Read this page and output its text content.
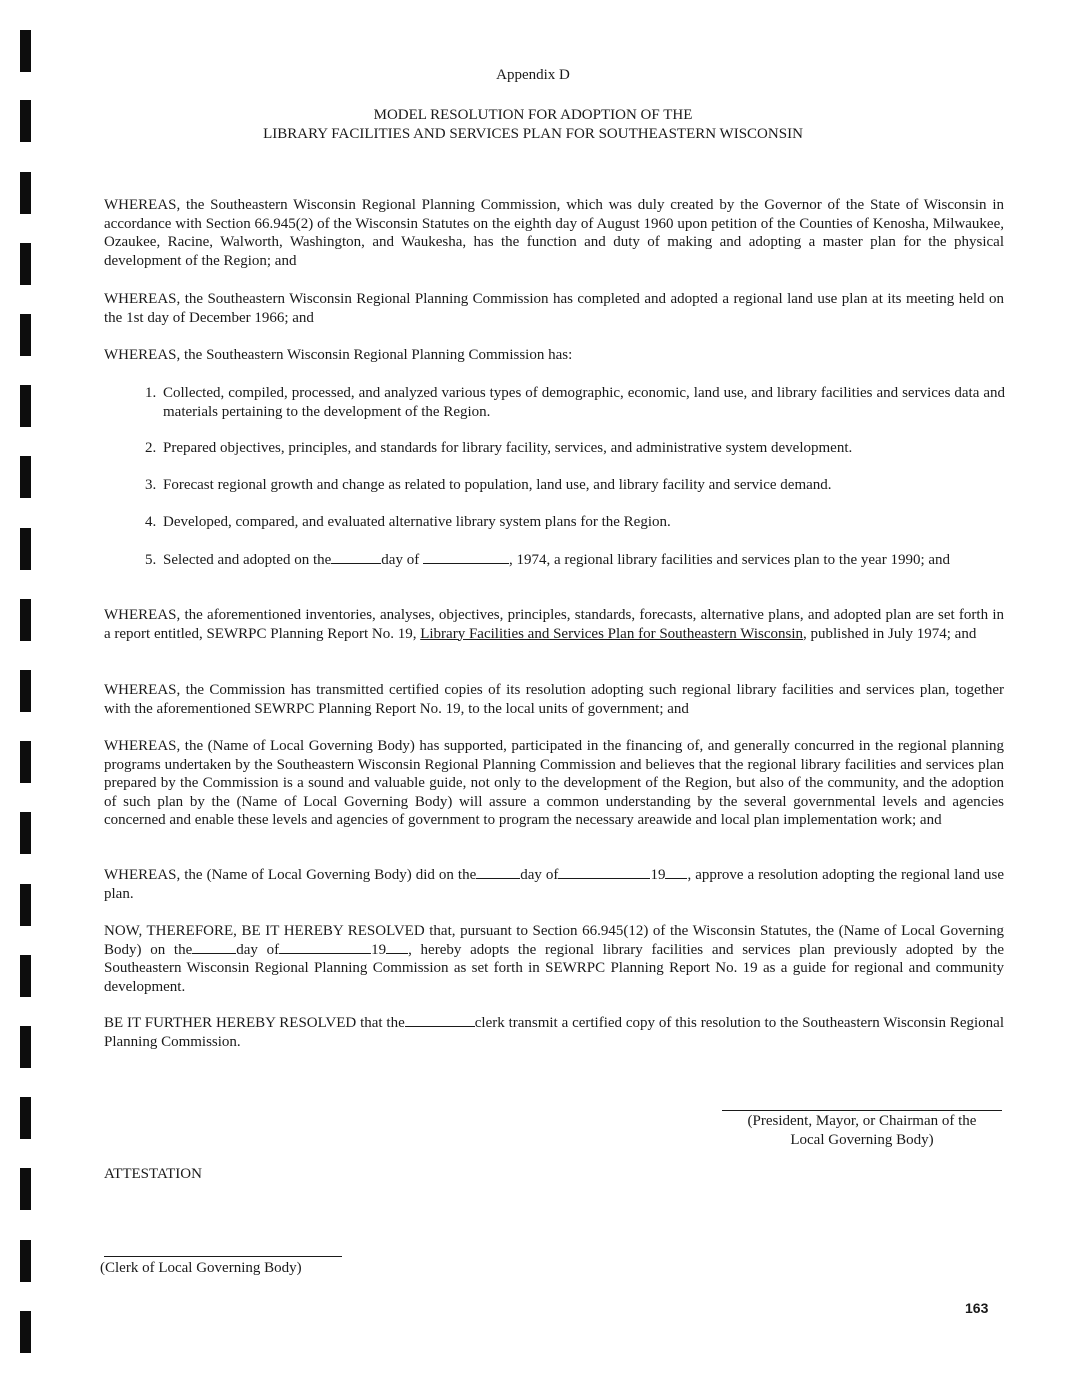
Appendix D
MODEL RESOLUTION FOR ADOPTION OF THE
LIBRARY FACILITIES AND SERVICES PLAN FOR SOUTHEASTERN WISCONSIN

WHEREAS, the Southeastern Wisconsin Regional Planning Commission, which was duly created by the Governor of the State of Wisconsin in accordance with Section 66.945(2) of the Wisconsin Statutes on the eighth day of August 1960 upon petition of the Counties of Kenosha, Milwaukee, Ozaukee, Racine, Walworth, Washington, and Waukesha, has the function and duty of making and adopting a master plan for the physical development of the Region; and

WHEREAS, the Southeastern Wisconsin Regional Planning Commission has completed and adopted a regional land use plan at its meeting held on the 1st day of December 1966; and

WHEREAS, the Southeastern Wisconsin Regional Planning Commission has:

1. Collected, compiled, processed, and analyzed various types of demographic, economic, land use, and library facilities and services data and materials pertaining to the development of the Region.
2. Prepared objectives, principles, and standards for library facility, services, and administrative system development.
3. Forecast regional growth and change as related to population, land use, and library facility and service demand.
4. Developed, compared, and evaluated alternative library system plans for the Region.
5. Selected and adopted on the	day of	, 1974, a regional library facilities and services plan to the year 1990; and

WHEREAS, the aforementioned inventories, analyses, objectives, principles, standards, forecasts, alternative plans, and adopted plan are set forth in a report entitled, SEWRPC Planning Report No. 19, Library Facilities and Services Plan for Southeastern Wisconsin, published in July 1974; and

WHEREAS, the Commission has transmitted certified copies of its resolution adopting such regional library facilities and services plan, together with the aforementioned SEWRPC Planning Report No. 19, to the local units of government; and

WHEREAS, the (Name of Local Governing Body) has supported, participated in the financing of, and generally concurred in the regional planning programs undertaken by the Southeastern Wisconsin Regional Planning Commission and believes that the regional library facilities and services plan prepared by the Commission is a sound and valuable guide, not only to the development of the Region, but also of the community, and the adoption of such plan by the (Name of Local Governing Body) will assure a common understanding by the several governmental levels and agencies concerned and enable these levels and agencies of government to program the necessary areawide and local plan implementation work; and

WHEREAS, the (Name of Local Governing Body) did on the	day of	19 , approve a resolution adopting the regional land use plan.

NOW, THEREFORE, BE IT HEREBY RESOLVED that, pursuant to Section 66.945(12) of the Wisconsin Statutes, the (Name of Local Governing Body) on the	day of	19 , hereby adopts the regional library facilities and services plan previously adopted by the Southeastern Wisconsin Regional Planning Commission as set forth in SEWRPC Planning Report No. 19 as a guide for regional and community development.

BE IT FURTHER HEREBY RESOLVED that the	clerk transmit a certified copy of this resolution to the Southeastern Wisconsin Regional Planning Commission.

(President, Mayor, or Chairman of the
Local Governing Body)
ATTESTATION
(Clerk of Local Governing Body)
163
